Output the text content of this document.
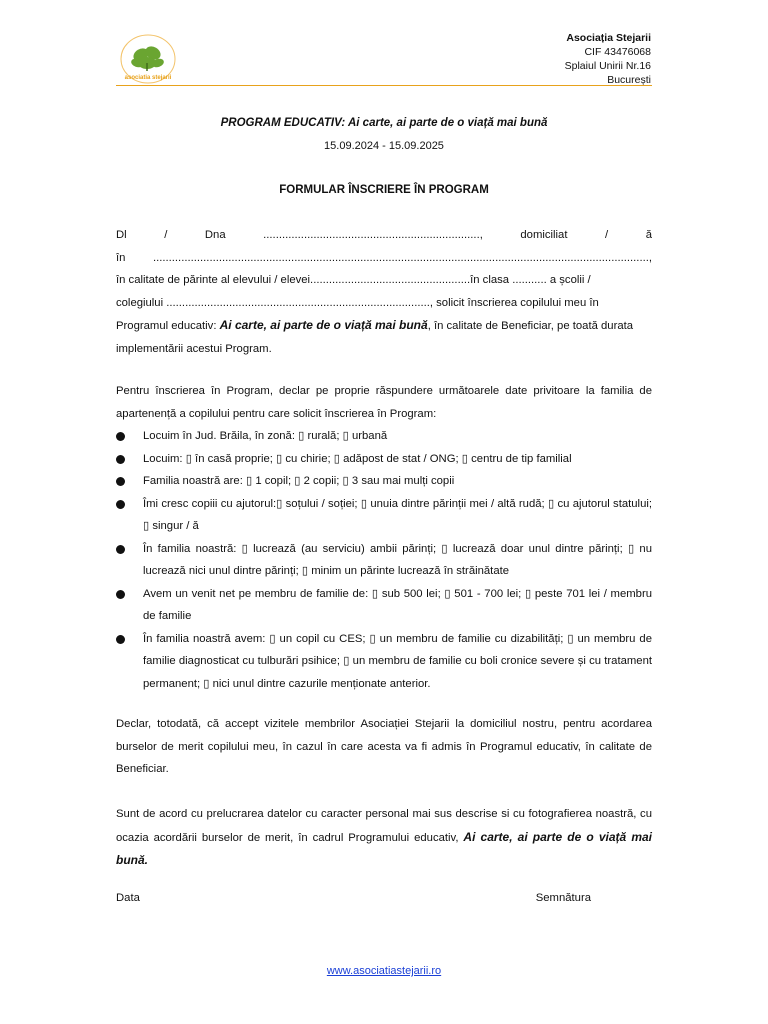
asociatia stejarii
Asociația Stejarii
CIF 43476068
Splaiul Unirii Nr.16
București
PROGRAM EDUCATIV: Ai carte, ai parte de o viață mai bună
15.09.2024 - 15.09.2025
FORMULAR ÎNSCRIERE ÎN PROGRAM
Dl	/	Dna	.....................................................................,	domiciliat	/	ă
în ..............................................................................................................................................................,
în calitate de părinte al elevului / elevei...................................................în clasa ........... a școlii /
colegiului ...................................................................................., solicit înscrierea copilului meu în
Programul educativ: Ai carte, ai parte de o viață mai bună, în calitate de Beneficiar, pe toată durata
implementării acestui Program.
Pentru înscrierea în Program, declar pe proprie răspundere următoarele date privitoare la familia de apartenență a copilului pentru care solicit înscrierea în Program:
Locuim în Jud. Brăila, în zonă: ▯ rurală; ▯ urbană
Locuim: ▯ în casă proprie; ▯ cu chirie; ▯ adăpost de stat / ONG; ▯ centru de tip familial
Familia noastră are: ▯ 1 copil; ▯ 2 copii; ▯ 3 sau mai mulți copii
Îmi cresc copiii cu ajutorul:▯ soțului / soției; ▯ unuia dintre părinții mei / altă rudă; ▯ cu ajutorul statului; ▯ singur / ă
În familia noastră: ▯ lucrează (au serviciu) ambii părinți; ▯ lucrează doar unul dintre părinți; ▯ nu lucrează nici unul dintre părinți; ▯ minim un părinte lucrează în străinătate
Avem un venit net pe membru de familie de: ▯ sub 500 lei; ▯ 501 - 700 lei; ▯ peste 701 lei / membru de familie
În familia noastră avem: ▯ un copil cu CES; ▯ un membru de familie cu dizabilități; ▯ un membru de familie diagnosticat cu tulburări psihice; ▯ un membru de familie cu boli cronice severe și cu tratament permanent; ▯ nici unul dintre cazurile menționate anterior.
Declar, totodată, că accept vizitele membrilor Asociației Stejarii la domiciliul nostru, pentru acordarea burselor de merit copilului meu, în cazul în care acesta va fi admis în Programul educativ, în calitate de Beneficiar.
Sunt de acord cu prelucrarea datelor cu caracter personal mai sus descrise si cu fotografierea noastră, cu ocazia acordării burselor de merit, în cadrul Programului educativ, Ai carte, ai parte de o viață mai bună.
Data	Semnătura
www.asociatiastejarii.ro
